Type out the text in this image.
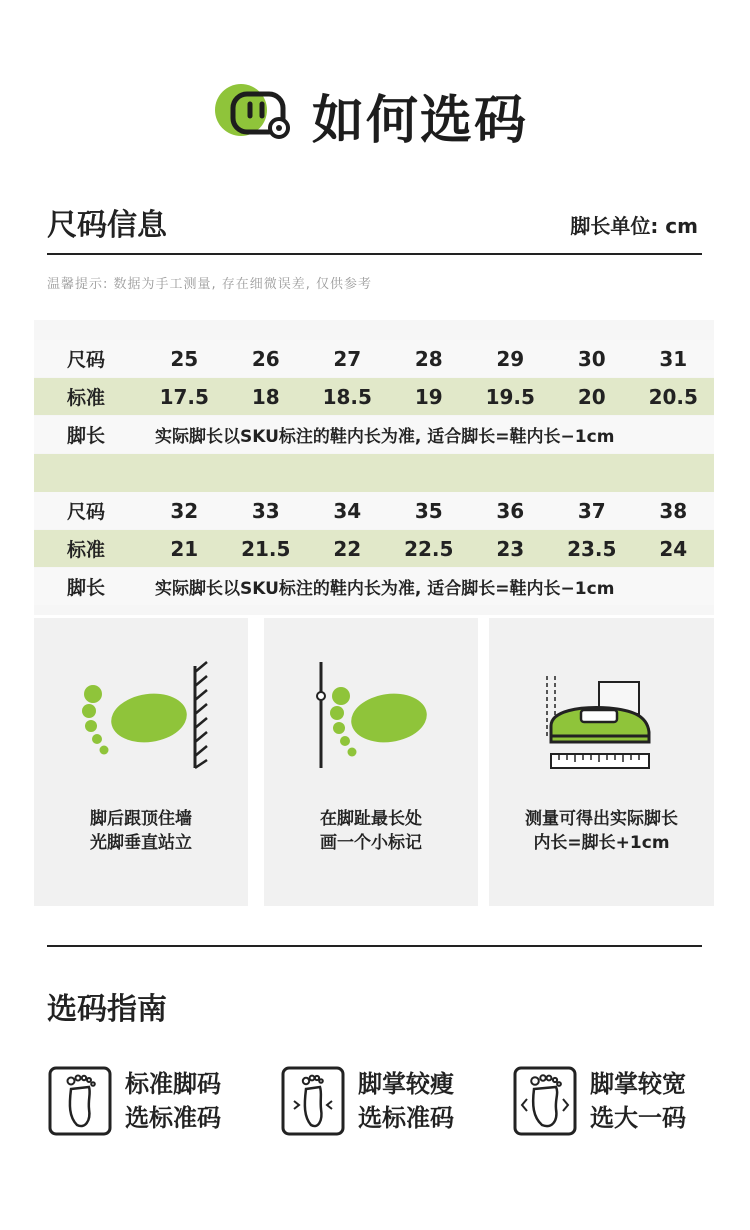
如何选码
尺码信息	脚长单位: cm
温馨提示: 数据为手工测量, 存在细微误差, 仅供参考
尺码	25	26	27	28	29	30	31
标准	17.5	18	18.5	19	19.5	20	20.5
脚长	实际脚长以SKU标注的鞋内长为准, 适合脚长=鞋内长−1cm
尺码	32	33	34	35	36	37	38
标准	21	21.5	22	22.5	23	23.5	24
脚长	实际脚长以SKU标注的鞋内长为准, 适合脚长=鞋内长−1cm
脚后跟顶住墙
光脚垂直站立
在脚趾最长处
画一个小标记
测量可得出实际脚长
内长=脚长+1cm
选码指南
标准脚码
选标准码
脚掌较瘦
选标准码
脚掌较宽
选大一码
